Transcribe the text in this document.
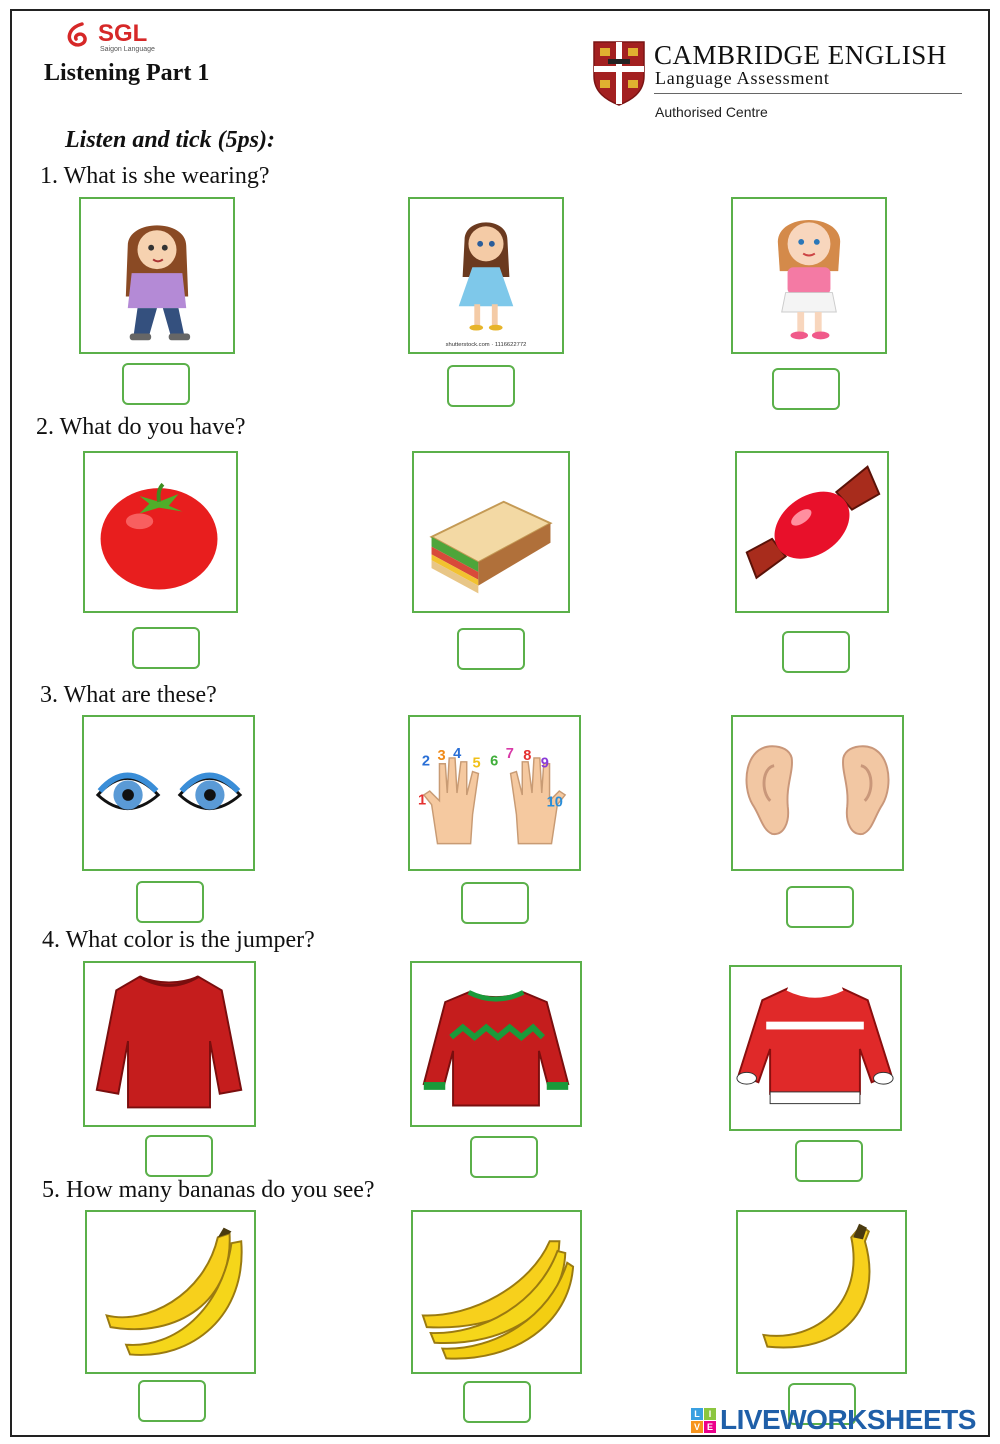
SGL
Saigon Language
Listening Part 1
CAMBRIDGE ENGLISH
Language Assessment
Authorised Centre
Listen and tick (5ps):
1. What is she wearing?
shutterstock.com · 1116622772
2. What do you have?
3. What are these?
1
2 3 4
5 6 7 8 9
10
4. What color is the jumper?
5. How many bananas do you see?
L I
V E LIVEWORKSHEETS
